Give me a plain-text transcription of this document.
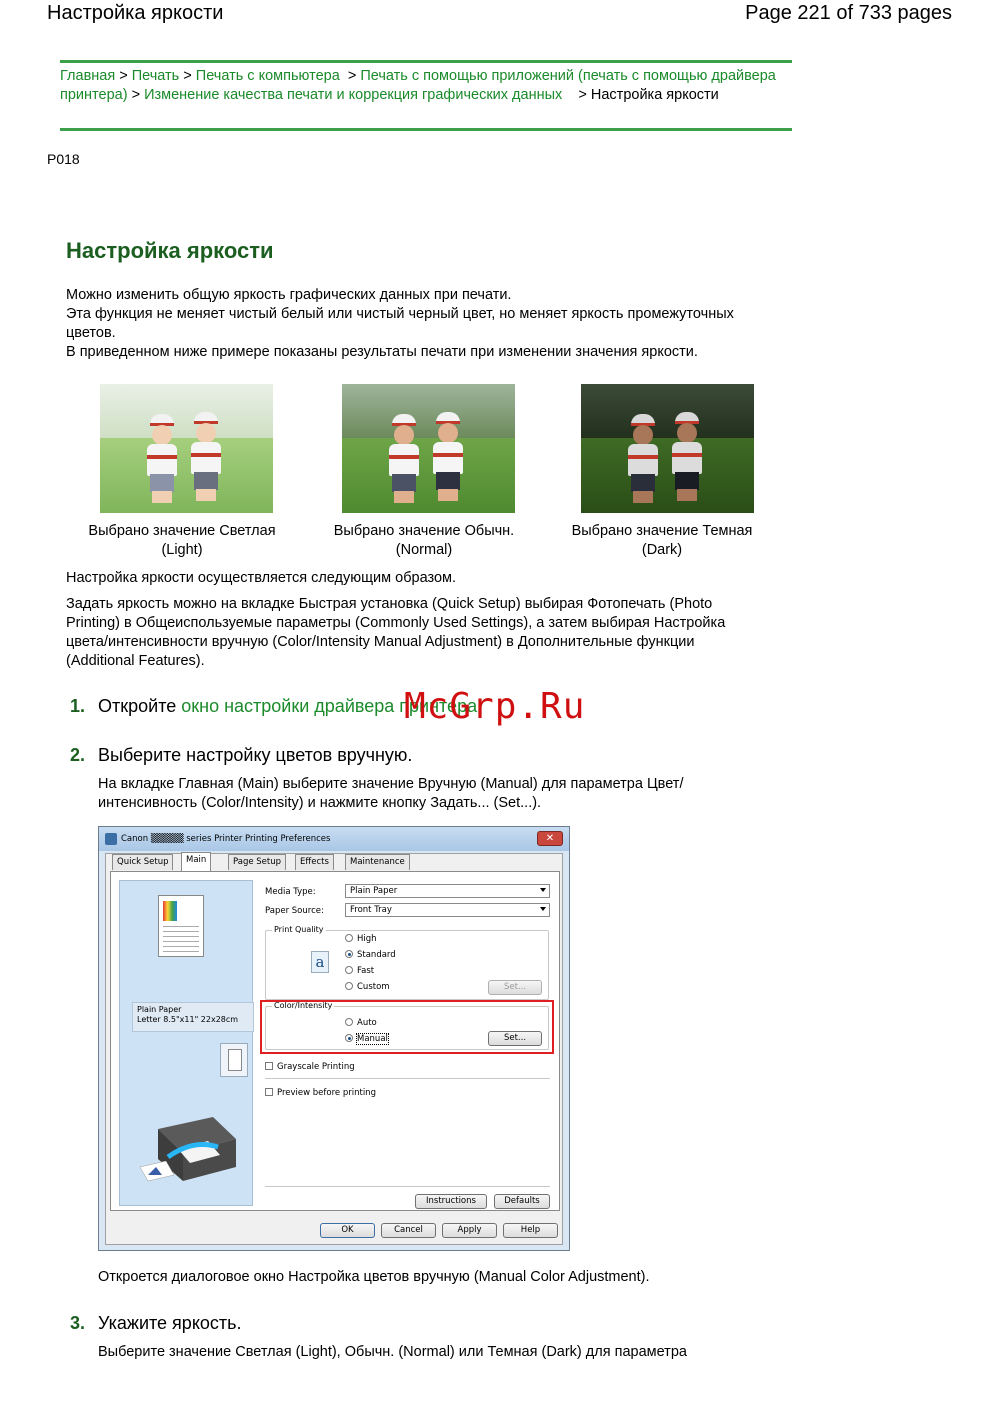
Настройка яркости	Page 221 of 733 pages
Главная > Печать > Печать с компьютера > Печать с помощью приложений (печать с помощью драйвера принтера) > Изменение качества печати и коррекция графических данных > Настройка яркости
P018
Настройка яркости
Можно изменить общую яркость графических данных при печати.
Эта функция не меняет чистый белый или чистый черный цвет, но меняет яркость промежуточных цветов.
В приведенном ниже примере показаны результаты печати при изменении значения яркости.
Выбрано значение Светлая (Light)
Выбрано значение Обычн. (Normal)
Выбрано значение Темная (Dark)
Настройка яркости осуществляется следующим образом.
Задать яркость можно на вкладке Быстрая установка (Quick Setup) выбирая Фотопечать (Photo Printing) в Общеиспользуемые параметры (Commonly Used Settings), а затем выбирая Настройка цвета/интенсивности вручную (Color/Intensity Manual Adjustment) в Дополнительные функции (Additional Features).
1. Откройте окно настройки драйвера принтера
McGrp.Ru
2. Выберите настройку цветов вручную.
На вкладке Главная (Main) выберите значение Вручную (Manual) для параметра Цвет/интенсивность (Color/Intensity) и нажмите кнопку Задать... (Set...).
Canon ▒▒▒▒▒ series Printer Printing Preferences	✕
Quick Setup	Main	Page Setup	Effects	Maintenance
Plain Paper
Letter 8.5"x11" 22x28cm
Media Type:	Plain Paper
Paper Source:	Front Tray
Print Quality
a
High
Standard
Fast
Custom	Set...
Color/Intensity
Auto
Manual	Set...
Grayscale Printing
Preview before printing
Instructions	Defaults
OK	Cancel	Apply	Help
Откроется диалоговое окно Настройка цветов вручную (Manual Color Adjustment).
3. Укажите яркость.
Выберите значение Светлая (Light), Обычн. (Normal) или Темная (Dark) для параметра
